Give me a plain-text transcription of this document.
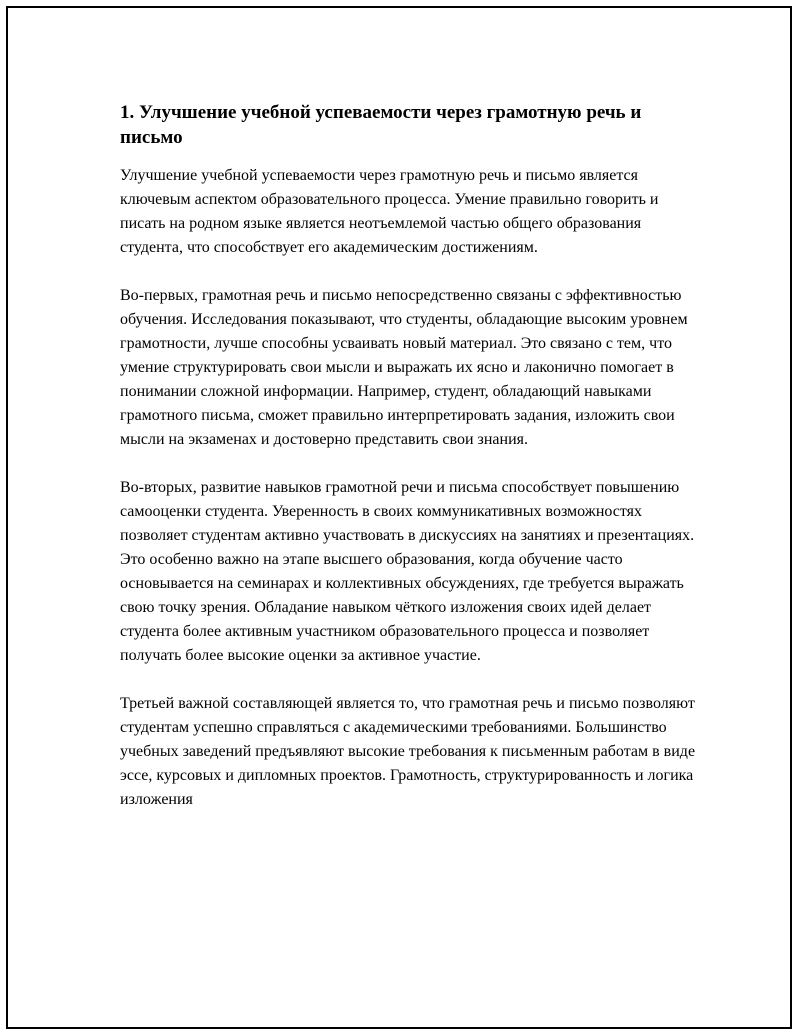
1. Улучшение учебной успеваемости через грамотную речь и письмо

Улучшение учебной успеваемости через грамотную речь и письмо является ключевым аспектом образовательного процесса. Умение правильно говорить и писать на родном языке является неотъемлемой частью общего образования студента, что способствует его академическим достижениям.

Во-первых, грамотная речь и письмо непосредственно связаны с эффективностью обучения. Исследования показывают, что студенты, обладающие высоким уровнем грамотности, лучше способны усваивать новый материал. Это связано с тем, что умение структурировать свои мысли и выражать их ясно и лаконично помогает в понимании сложной информации. Например, студент, обладающий навыками грамотного письма, сможет правильно интерпретировать задания, изложить свои мысли на экзаменах и достоверно представить свои знания.

Во-вторых, развитие навыков грамотной речи и письма способствует повышению самооценки студента. Уверенность в своих коммуникативных возможностях позволяет студентам активно участвовать в дискуссиях на занятиях и презентациях. Это особенно важно на этапе высшего образования, когда обучение часто основывается на семинарах и коллективных обсуждениях, где требуется выражать свою точку зрения. Обладание навыком чёткого изложения своих идей делает студента более активным участником образовательного процесса и позволяет получать более высокие оценки за активное участие.

Третьей важной составляющей является то, что грамотная речь и письмо позволяют студентам успешно справляться с академическими требованиями. Большинство учебных заведений предъявляют высокие требования к письменным работам в виде эссе, курсовых и дипломных проектов. Грамотность, структурированность и логика изложения
